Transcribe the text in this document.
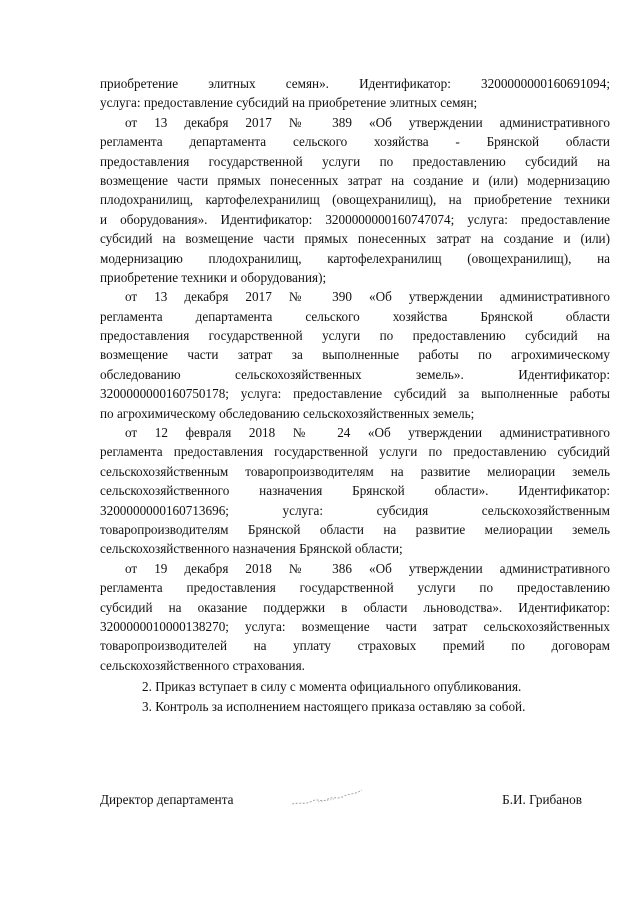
приобретение элитных семян». Идентификатор: 3200000000160691094;
услуга: предоставление субсидий на приобретение элитных семян;
от 13 декабря 2017 № 389 «Об утверждении административного
регламента департамента сельского хозяйства - Брянской области
предоставления государственной услуги по предоставлению субсидий на
возмещение части прямых понесенных затрат на создание и (или) модернизацию
плодохранилищ, картофелехранилищ (овощехранилищ), на приобретение техники
и оборудования». Идентификатор: 3200000000160747074; услуга: предоставление
субсидий на возмещение части прямых понесенных затрат на создание и (или)
модернизацию плодохранилищ, картофелехранилищ (овощехранилищ), на
приобретение техники и оборудования);
от 13 декабря 2017 № 390 «Об утверждении административного
регламента департамента сельского хозяйства Брянской области
предоставления государственной услуги по предоставлению субсидий на
возмещение части затрат за выполненные работы по агрохимическому
обследованию сельскохозяйственных земель». Идентификатор:
3200000000160750178; услуга: предоставление субсидий за выполненные работы
по агрохимическому обследованию сельскохозяйственных земель;
от 12 февраля 2018 № 24 «Об утверждении административного
регламента предоставления государственной услуги по предоставлению субсидий
сельскохозяйственным товаропроизводителям на развитие мелиорации земель
сельскохозяйственного назначения Брянской области». Идентификатор:
3200000000160713696; услуга: субсидия сельскохозяйственным
товаропроизводителям Брянской области на развитие мелиорации земель
сельскохозяйственного назначения Брянской области;
от 19 декабря 2018 № 386 «Об утверждении административного
регламента предоставления государственной услуги по предоставлению
субсидий на оказание поддержки в области льноводства». Идентификатор:
3200000010000138270; услуга: возмещение части затрат сельскохозяйственных
товаропроизводителей на уплату страховых премий по договорам
сельскохозяйственного страхования.
2. Приказ вступает в силу с момента официального опубликования.
3. Контроль за исполнением настоящего приказа оставляю за собой.
Директор департамента	Б.И. Грибанов
